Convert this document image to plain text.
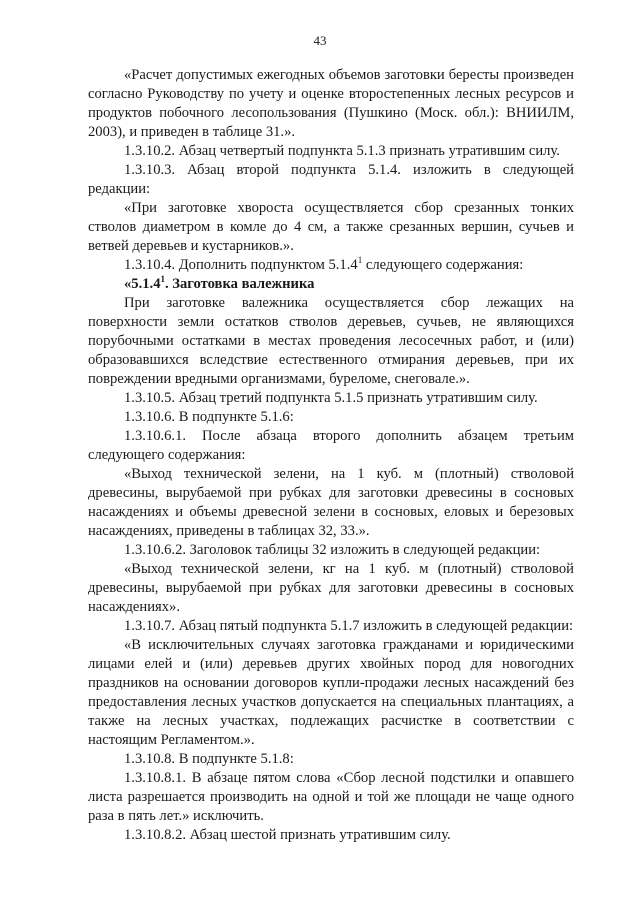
43

«Расчет допустимых ежегодных объемов заготовки бересты произведен согласно Руководству по учету и оценке второстепенных лесных ресурсов и продуктов побочного лесопользования (Пушкино (Моск. обл.): ВНИИЛМ, 2003), и приведен в таблице 31.».

1.3.10.2. Абзац четвертый подпункта 5.1.3 признать утратившим силу.

1.3.10.3. Абзац второй подпункта 5.1.4. изложить в следующей редакции:

«При заготовке хвороста осуществляется сбор срезанных тонких стволов диаметром в комле до 4 см, а также срезанных вершин, сучьев и ветвей деревьев и кустарников.».

1.3.10.4. Дополнить подпунктом 5.1.4$^1$ следующего содержания:

«5.1.4$^1$. Заготовка валежника

При заготовке валежника осуществляется сбор лежащих на поверхности земли остатков стволов деревьев, сучьев, не являющихся порубочными остатками в местах проведения лесосечных работ, и (или) образовавшихся вследствие естественного отмирания деревьев, при их повреждении вредными организмами, буреломе, снеговале.».

1.3.10.5. Абзац третий подпункта 5.1.5 признать утратившим силу.

1.3.10.6. В подпункте 5.1.6:

1.3.10.6.1. После абзаца второго дополнить абзацем третьим следующего содержания:

«Выход технической зелени, на 1 куб. м (плотный) стволовой древесины, вырубаемой при рубках для заготовки древесины в сосновых насаждениях и объемы древесной зелени в сосновых, еловых и березовых насаждениях, приведены в таблицах 32, 33.».

1.3.10.6.2. Заголовок таблицы 32 изложить в следующей редакции:

«Выход технической зелени, кг на 1 куб. м (плотный) стволовой древесины, вырубаемой при рубках для заготовки древесины в сосновых насаждениях».

1.3.10.7. Абзац пятый подпункта 5.1.7 изложить в следующей редакции:

«В исключительных случаях заготовка гражданами и юридическими лицами елей и (или) деревьев других хвойных пород для новогодних праздников на основании договоров купли-продажи лесных насаждений без предоставления лесных участков допускается на специальных плантациях, а также на лесных участках, подлежащих расчистке в соответствии с настоящим Регламентом.».

1.3.10.8. В подпункте 5.1.8:

1.3.10.8.1. В абзаце пятом слова «Сбор лесной подстилки и опавшего листа разрешается производить на одной и той же площади не чаще одного раза в пять лет.» исключить.

1.3.10.8.2. Абзац шестой признать утратившим силу.
